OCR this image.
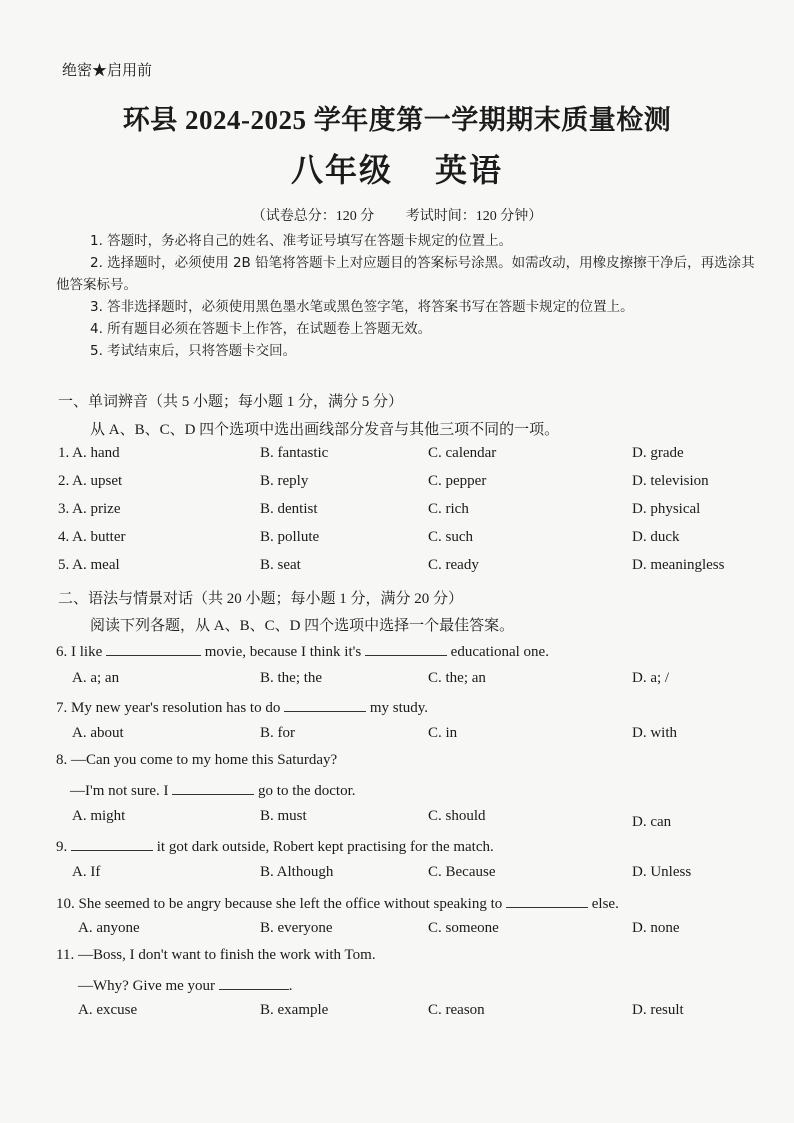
绝密★启用前
环县 2024-2025 学年度第一学期期末质量检测
八年级 英语
（试卷总分：120 分 考试时间：120 分钟）

1. 答题时，务必将自己的姓名、准考证号填写在答题卡规定的位置上。

2. 选择题时，必须使用 2B 铅笔将答题卡上对应题目的答案标号涂黑。如需改动，用橡皮擦擦干净后，再选涂其他答案标号。

3. 答非选择题时，必须使用黑色墨水笔或黑色签字笔，将答案书写在答题卡规定的位置上。

4. 所有题目必须在答题卡上作答，在试题卷上答题无效。

5. 考试结束后，只将答题卡交回。

一、单词辨音（共 5 小题；每小题 1 分，满分 5 分）
从 A、B、C、D 四个选项中选出画线部分发音与其他三项不同的一项。
1. A. hand	B. fantastic	C. calendar	D. grade
2. A. upset	B. reply	C. pepper	D. television
3. A. prize	B. dentist	C. rich	D. physical
4. A. butter	B. pollute	C. such	D. duck
5. A. meal	B. seat	C. ready	D. meaningless
二、语法与情景对话（共 20 小题；每小题 1 分，满分 20 分）
阅读下列各题，从 A、B、C、D 四个选项中选择一个最佳答案。
6. I like	movie, because I think it's	educational one.
A. a; an	B. the; the	C. the; an	D. a; /
7. My new year's resolution has to do	my study.
A. about	B. for	C. in	D. with
8. —Can you come to my home this Saturday?
—I'm not sure. I	go to the doctor.
A. might	B. must	C. should	D. can
9.	it got dark outside, Robert kept practising for the match.
A. If	B. Although	C. Because	D. Unless
10. She seemed to be angry because she left the office without speaking to	else.
A. anyone	B. everyone	C. someone	D. none
11. —Boss, I don't want to finish the work with Tom.
—Why? Give me your	.
A. excuse	B. example	C. reason	D. result
